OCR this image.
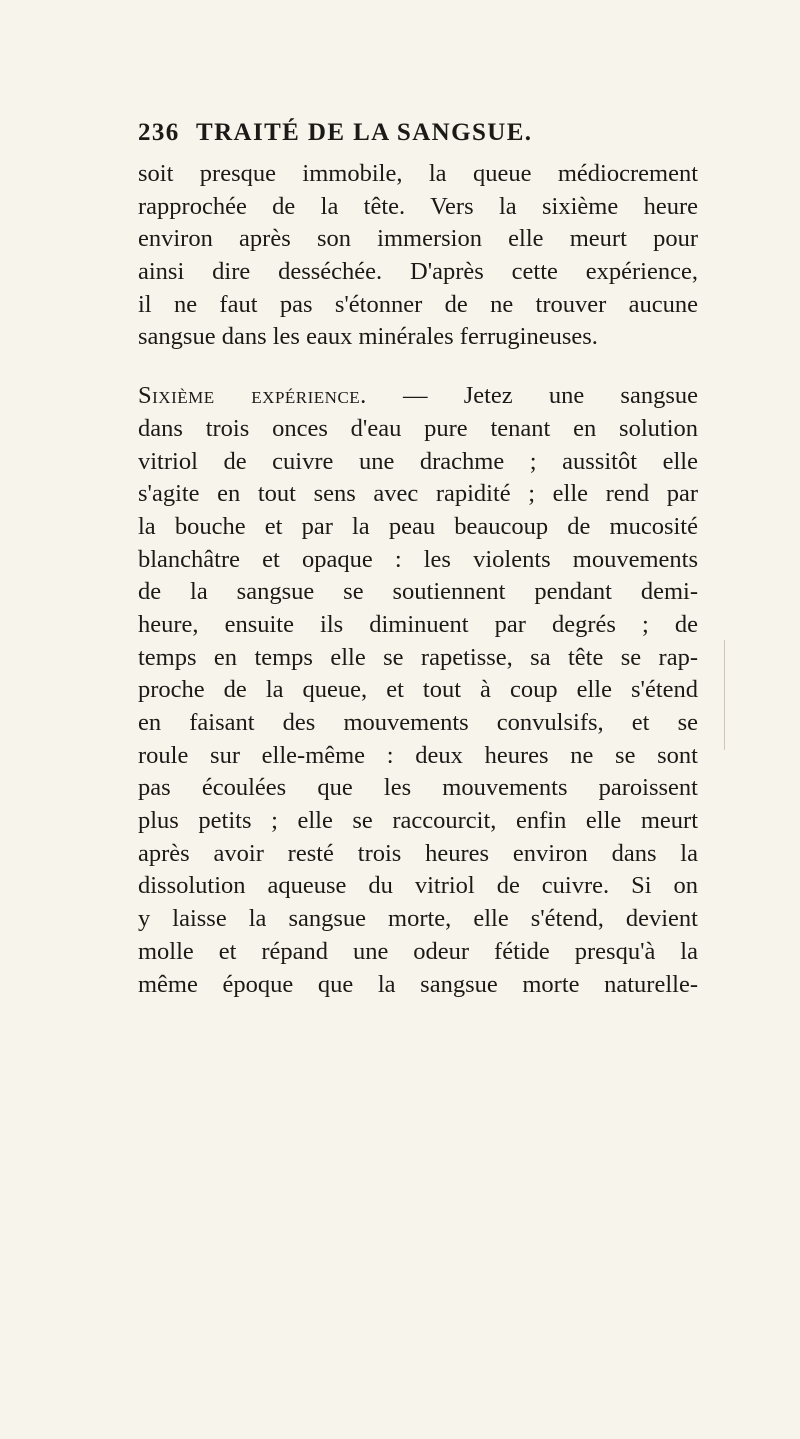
236 TRAITÉ DE LA SANGSUE.
soit presque immobile, la queue médiocrement
rapprochée de la tête. Vers la sixième heure
environ après son immersion elle meurt pour
ainsi dire desséchée. D'après cette expérience,
il ne faut pas s'étonner de ne trouver aucune
sangsue dans les eaux minérales ferrugineuses.
Sixième expérience. — Jetez une sangsue
dans trois onces d'eau pure tenant en solution
vitriol de cuivre une drachme ; aussitôt elle
s'agite en tout sens avec rapidité ; elle rend par
la bouche et par la peau beaucoup de mucosité
blanchâtre et opaque : les violents mouvements
de la sangsue se soutiennent pendant demi-
heure, ensuite ils diminuent par degrés ; de
temps en temps elle se rapetisse, sa tête se rap-
proche de la queue, et tout à coup elle s'étend
en faisant des mouvements convulsifs, et se
roule sur elle-même : deux heures ne se sont
pas écoulées que les mouvements paroissent
plus petits ; elle se raccourcit, enfin elle meurt
après avoir resté trois heures environ dans la
dissolution aqueuse du vitriol de cuivre. Si on
y laisse la sangsue morte, elle s'étend, devient
molle et répand une odeur fétide presqu'à la
même époque que la sangsue morte naturelle-
